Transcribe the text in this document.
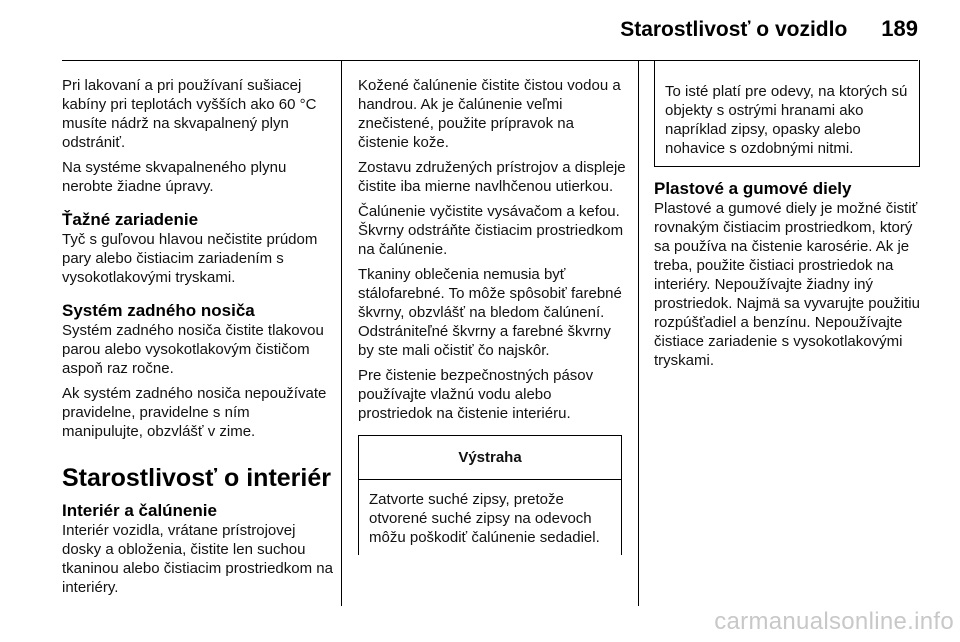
Starostlivosť o vozidlo 189

Pri lakovaní a pri používaní sušiacej kabíny pri teplotách vyšších ako 60 °C musíte nádrž na skvapalnený plyn odstrániť.

Na systéme skvapalneného plynu nerobte žiadne úpravy.

Ťažné zariadenie

Tyč s guľovou hlavou nečistite prúdom pary alebo čistiacim zariadením s vysokotlakovými tryskami.

Systém zadného nosiča

Systém zadného nosiča čistite tlakovou parou alebo vysokotlakovým čističom aspoň raz ročne.

Ak systém zadného nosiča nepoužívate pravidelne, pravidelne s ním manipulujte, obzvlášť v zime.

Starostlivosť o interiér
Interiér a čalúnenie

Interiér vozidla, vrátane prístrojovej dosky a obloženia, čistite len suchou tkaninou alebo čistiacim prostriedkom na interiéry.

Kožené čalúnenie čistite čistou vodou a handrou. Ak je čalúnenie veľmi znečistené, použite prípravok na čistenie kože.

Zostavu združených prístrojov a displeje čistite iba mierne navlhčenou utierkou.

Čalúnenie vyčistite vysávačom a kefou. Škvrny odstráňte čistiacim prostriedkom na čalúnenie.

Tkaniny oblečenia nemusia byť stálofarebné. To môže spôsobiť farebné škvrny, obzvlášť na bledom čalúnení. Odstrániteľné škvrny a farebné škvrny by ste mali očistiť čo najskôr.

Pre čistenie bezpečnostných pásov používajte vlažnú vodu alebo prostriedok na čistenie interiéru.

Výstraha
Zatvorte suché zipsy, pretože otvorené suché zipsy na odevoch môžu poškodiť čalúnenie sedadiel.
To isté platí pre odevy, na ktorých sú objekty s ostrými hranami ako napríklad zipsy, opasky alebo nohavice s ozdobnými nitmi.
Plastové a gumové diely

Plastové a gumové diely je možné čistiť rovnakým čistiacim prostriedkom, ktorý sa používa na čistenie karosérie. Ak je treba, použite čistiaci prostriedok na interiéry. Nepoužívajte žiadny iný prostriedok. Najmä sa vyvarujte použitiu rozpúšťadiel a benzínu. Nepoužívajte čistiace zariadenie s vysokotlakovými tryskami.

carmanualsonline.info
